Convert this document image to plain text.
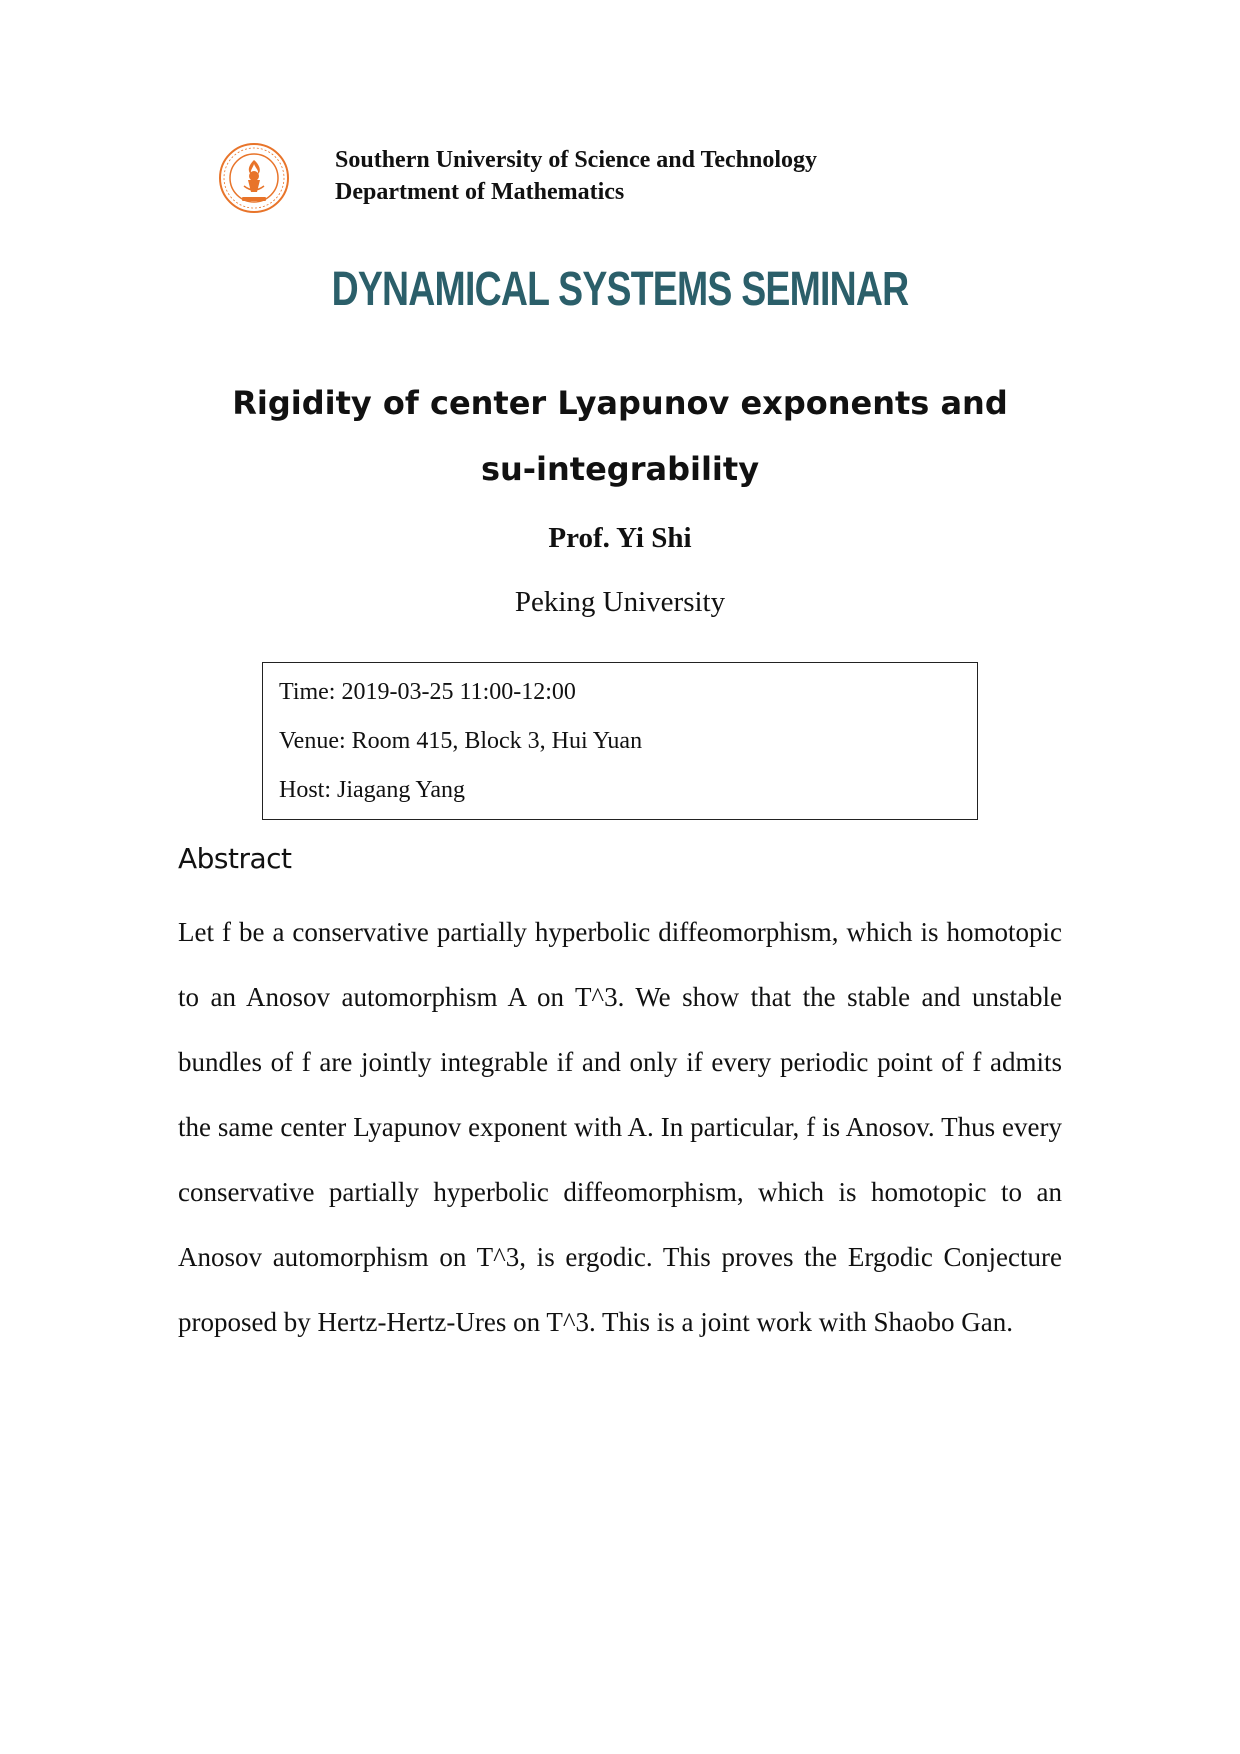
Southern University of Science and Technology
Department of Mathematics
DYNAMICAL SYSTEMS SEMINAR
Rigidity of center Lyapunov exponents and
su-integrability
Prof. Yi Shi
Peking University
Time: 2019-03-25 11:00-12:00
Venue: Room 415, Block 3, Hui Yuan
Host: Jiagang Yang
Abstract
Let f be a conservative partially hyperbolic diffeomorphism, which is homotopic to an Anosov automorphism A on T^3. We show that the stable and unstable bundles of f are jointly integrable if and only if every periodic point of f admits the same center Lyapunov exponent with A. In particular, f is Anosov. Thus every conservative partially hyperbolic diffeomorphism, which is homotopic to an Anosov automorphism on T^3, is ergodic. This proves the Ergodic Conjecture proposed by Hertz-Hertz-Ures on T^3. This is a joint work with Shaobo Gan.
